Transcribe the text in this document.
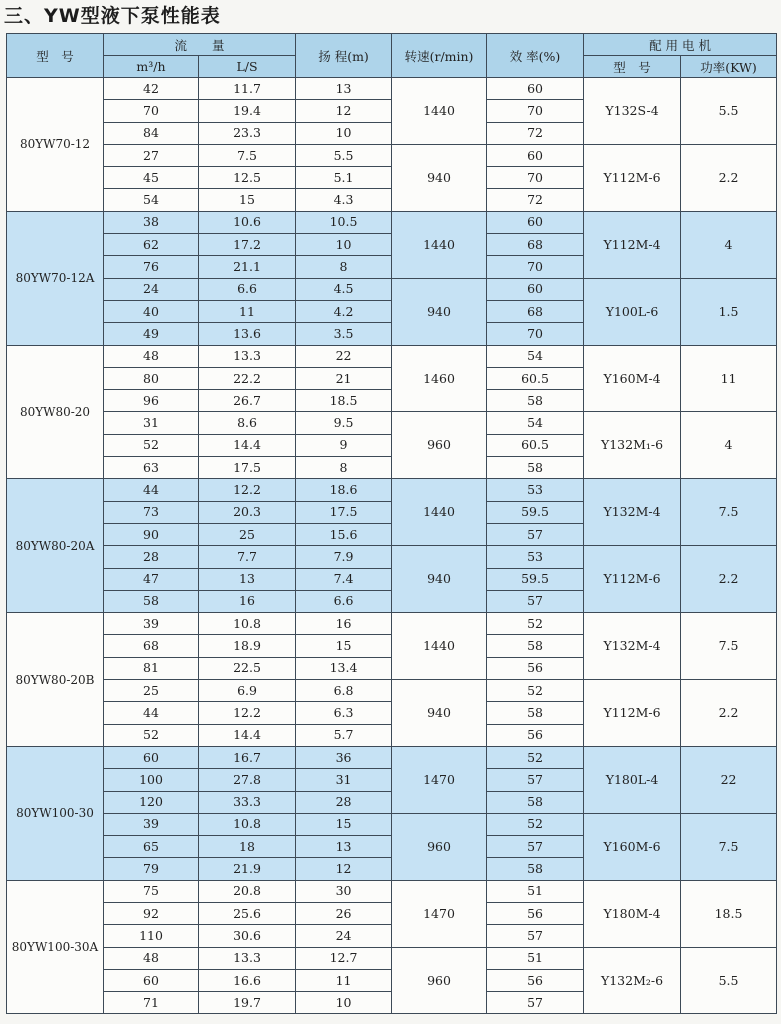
三、YW型液下泵性能表
型　号	流　　量		扬 程(m)	转速(r/min)	效 率(%)	配 用 电 机	
	m³/h	L/S				型　号	功率(KW)
80YW70-12	42	11.7	13	1440	60	Y132S-4	5.5
	70	19.4	12		70		
	84	23.3	10		72		
	27	7.5	5.5	940	60	Y112M-6	2.2
	45	12.5	5.1		70		
	54	15	4.3		72		
80YW70-12A	38	10.6	10.5	1440	60	Y112M-4	4
	62	17.2	10		68		
	76	21.1	8		70		
	24	6.6	4.5	940	60	Y100L-6	1.5
	40	11	4.2		68		
	49	13.6	3.5		70		
80YW80-20	48	13.3	22	1460	54	Y160M-4	11
	80	22.2	21		60.5		
	96	26.7	18.5		58		
	31	8.6	9.5	960	54	Y132M₁-6	4
	52	14.4	9		60.5		
	63	17.5	8		58		
80YW80-20A	44	12.2	18.6	1440	53	Y132M-4	7.5
	73	20.3	17.5		59.5		
	90	25	15.6		57		
	28	7.7	7.9	940	53	Y112M-6	2.2
	47	13	7.4		59.5		
	58	16	6.6		57		
80YW80-20B	39	10.8	16	1440	52	Y132M-4	7.5
	68	18.9	15		58		
	81	22.5	13.4		56		
	25	6.9	6.8	940	52	Y112M-6	2.2
	44	12.2	6.3		58		
	52	14.4	5.7		56		
80YW100-30	60	16.7	36	1470	52	Y180L-4	22
	100	27.8	31		57		
	120	33.3	28		58		
	39	10.8	15	960	52	Y160M-6	7.5
	65	18	13		57		
	79	21.9	12		58		
80YW100-30A	75	20.8	30	1470	51	Y180M-4	18.5
	92	25.6	26		56		
	110	30.6	24		57		
	48	13.3	12.7	960	51	Y132M₂-6	5.5
	60	16.6	11		56		
	71	19.7	10		57		
